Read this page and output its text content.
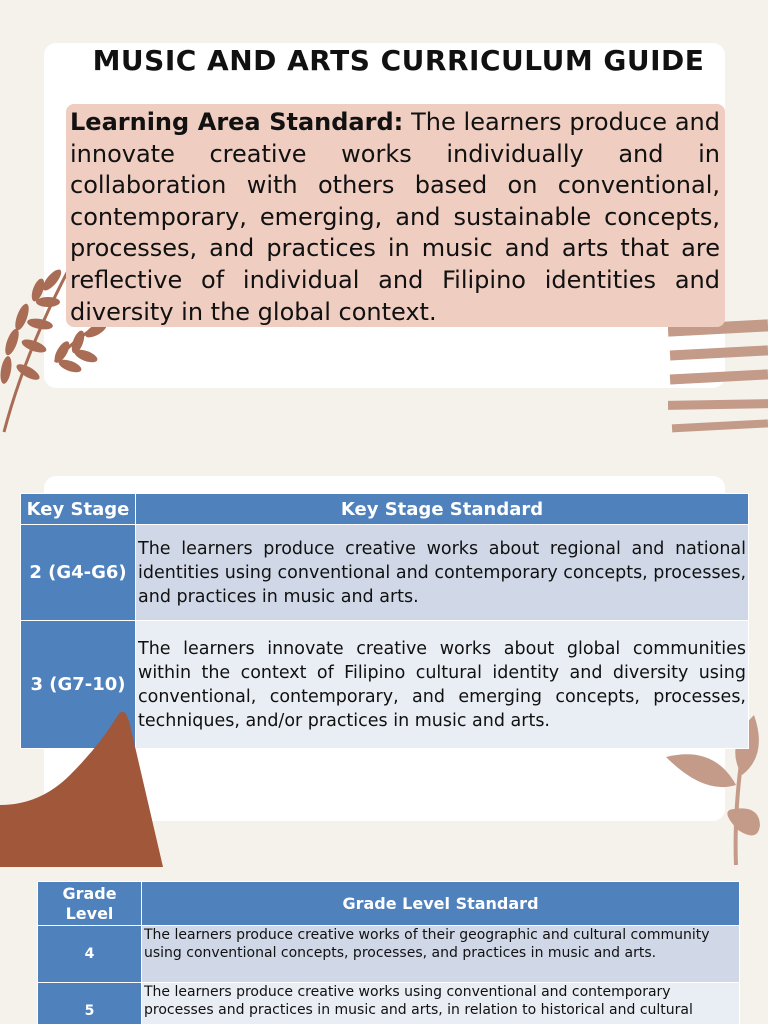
MUSIC AND ARTS CURRICULUM GUIDE

Learning Area Standard: The learners produce and innovate creative works individually and in collaboration with others based on conventional, contemporary, emerging, and sustainable concepts, processes, and practices in music and arts that are reflective of individual and Filipino identities and diversity in the global context.

Key Stage	Key Stage Standard
2 (G4-G6)	The learners produce creative works about regional and national identities using conventional and contemporary concepts, processes, and practices in music and arts.
3 (G7-10)	The learners innovate creative works about global communities within the context of Filipino cultural identity and diversity using conventional, contemporary, and emerging concepts, processes, techniques, and/or practices in music and arts.
Grade Level	Grade Level Standard
4	The learners produce creative works of their geographic and cultural community using conventional concepts, processes, and practices in music and arts.
5	The learners produce creative works using conventional and contemporary processes and practices in music and arts, in relation to historical and cultural
